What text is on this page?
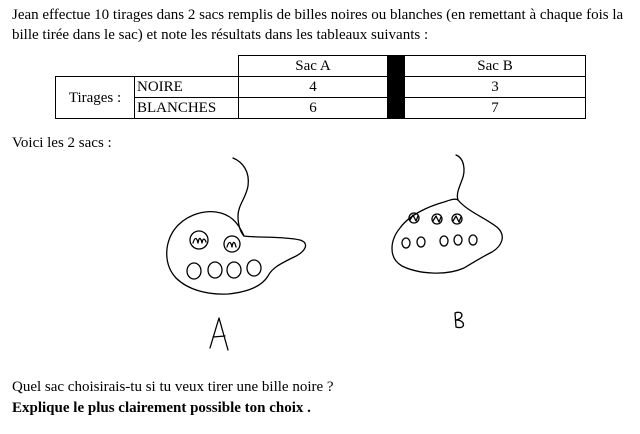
Jean effectue 10 tirages dans 2 sacs remplis de billes noires ou blanches (en remettant à chaque fois la bille tirée dans le sac) et note les résultats dans les tableaux suivants :

		Sac A		Sac B
Tirages :	NOIRE	4		3
	BLANCHES	6		7

Voici les 2 sacs :

Quel sac choisirais-tu si tu veux tirer une bille noire ?
Explique le plus clairement possible ton choix .
